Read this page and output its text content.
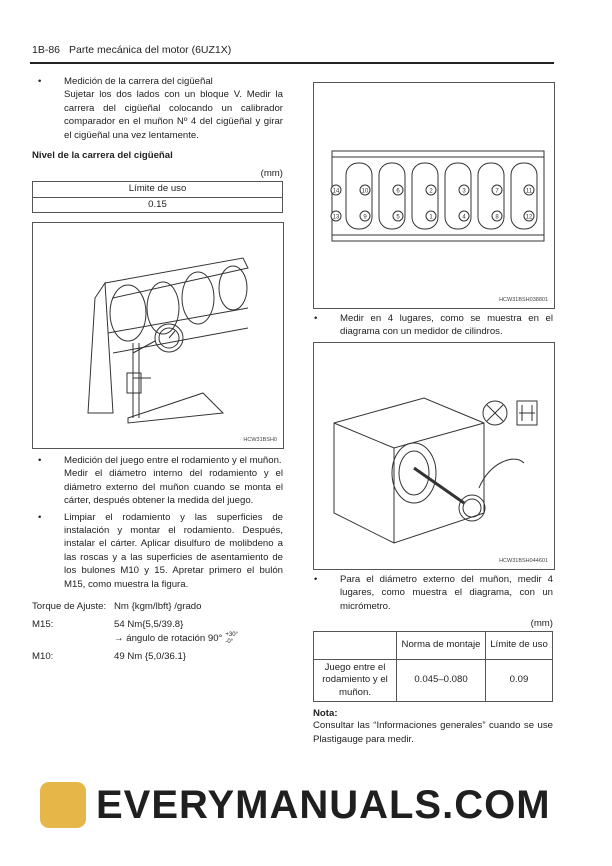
1B-86 Parte mecánica del motor (6UZ1X)
• Medición de la carrera del cigüeñal
Sujetar los dos lados con un bloque V. Medir la carrera del cigüeñal colocando un calibrador comparador en el muñon Nº 4 del cigüeñal y girar el cigüeñal una vez lentamente.
Nivel de la carrera del cigüeñal
(mm)
Límite de uso
0.15
HCW31BSH0
• Medición del juego entre el rodamiento y el muñon.
Medir el diámetro interno del rodamiento y el diámetro externo del muñon cuando se monta el cárter, después obtener la medida del juego.
• Limpiar el rodamiento y las superficies de instalación y montar el rodamiento. Después, instalar el cárter. Aplicar disulfuro de molibdeno a las roscas y a las superficies de asentamiento de los bulones M10 y 15. Apretar primero el bulón M15, como muestra la figura.
Torque de Ajuste: Nm {kgm/lbft} /grado
M15:	54 Nm{5,5/39.8}
→ ángulo de rotación 90° +30°
-0°
M10:	49 Nm {5,0/36.1}
14	10	6	2	3	7	11
13	9	5	1	4	8	12
HCW31BSH038801
• Medir en 4 lugares, como se muestra en el diagrama con un medidor de cilindros.
HCW31BSH044601
• Para el diámetro externo del muñon, medir 4 lugares, como muestra el diagrama, con un micrómetro.
(mm)
	Norma de montaje	Límite de uso
Juego entre el rodamiento y el muñon.	0.045–0.080	0.09
Nota:
Consultar las “Informaciones generales” cuando se use Plastigauge para medir.
EVERYMANUALS.COM
